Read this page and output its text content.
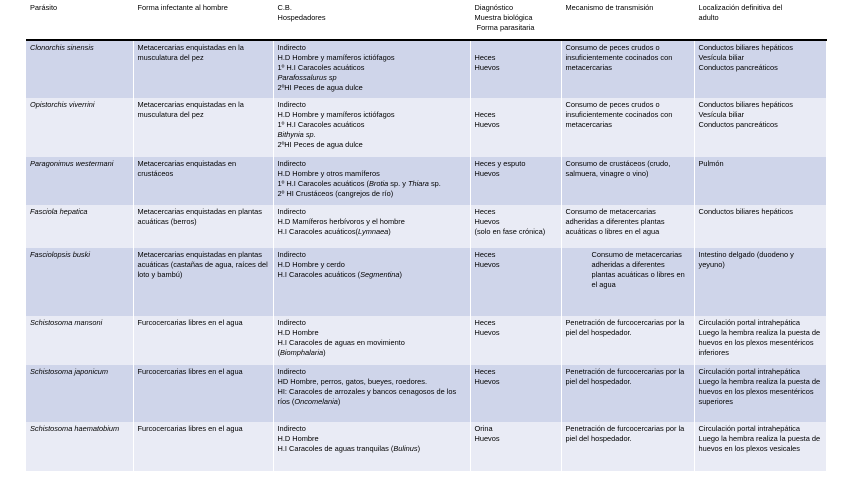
Parásito	Forma infectante al hombre	C.B.
Hospedadores	Diagnóstico
Muestra biológica
Forma parasitaria	Mecanismo de transmisión	Localización definitiva del
adulto
Clonorchis sinensis	Metacercarias enquistadas en la musculatura del pez	Indirecto
H.D Hombre y mamíferos ictiófagos
1º H.I Caracoles acuáticos
Parafossalurus sp
2ºHI Peces de agua dulce	Heces
Huevos	Consumo de peces crudos o insuficientemente cocinados con metacercarias	Conductos biliares hepáticos
Vesícula biliar
Conductos pancreáticos
Opistorchis viverrini	Metacercarias enquistadas en la musculatura del pez	Indirecto
H.D Hombre y mamíferos ictiófagos
1º H.I Caracoles acuáticos
Bithynia sp.
2ºHI Peces de agua dulce	Heces
Huevos	Consumo de peces crudos o insuficientemente cocinados con metacercarias	Conductos biliares hepáticos
Vesícula biliar
Conductos pancreáticos
Paragonimus westermani	Metacercarias enquistadas en crustáceos	Indirecto
H.D Hombre y otros mamíferos
1º H.I Caracoles acuáticos (Brotia sp. y Thiara sp.
2º HI Crustáceos (cangrejos de río)	Heces y esputo
Huevos	Consumo de crustáceos (crudo, salmuera, vinagre o vino)	Pulmón
Fasciola hepatica	Metacercarias enquistadas en plantas acuáticas (berros)	Indirecto
H.D Mamíferos herbívoros y el hombre
H.I Caracoles acuáticos(Lymnaea)	Heces
Huevos
(solo en fase crónica)	Consumo de metacercarias adheridas a diferentes plantas acuáticas o libres en el agua	Conductos biliares hepáticos
Fasciolopsis buski	Metacercarias enquistadas en plantas acuáticas (castañas de agua, raíces del loto y bambú)	Indirecto
H.D Hombre y cerdo
H.I Caracoles acuáticos (Segmentina)	Heces
Huevos	Consumo de metacercarias adheridas a diferentes plantas acuáticas o libres en el agua	Intestino delgado (duodeno y yeyuno)
Schistosoma mansoni	Furcocercarias libres en el agua	Indirecto
H.D Hombre
H.I Caracoles de aguas en movimiento
(Biomphalaria)	Heces
Huevos	Penetración de furcocercarias por la piel del hospedador.	Circulación portal intrahepática
Luego la hembra realiza la puesta de huevos en los plexos mesentéricos inferiores
Schistosoma japonicum	Furcocercarias libres en el agua	Indirecto
HD Hombre, perros, gatos, bueyes, roedores.
HI: Caracoles de arrozales y bancos cenagosos de los ríos (Oncomelania)	Heces
Huevos	Penetración de furcocercarias por la piel del hospedador.	Circulación portal intrahepática
Luego la hembra realiza la puesta de huevos en los plexos mesentéricos superiores
Schistosoma haematobium	Furcocercarias libres en el agua	Indirecto
H.D Hombre
H.I Caracoles de aguas tranquilas (Bulinus)	Orina
Huevos	Penetración de furcocercarias por la piel del hospedador.	Circulación portal intrahepática
Luego la hembra realiza la puesta de huevos en los plexos vesicales
